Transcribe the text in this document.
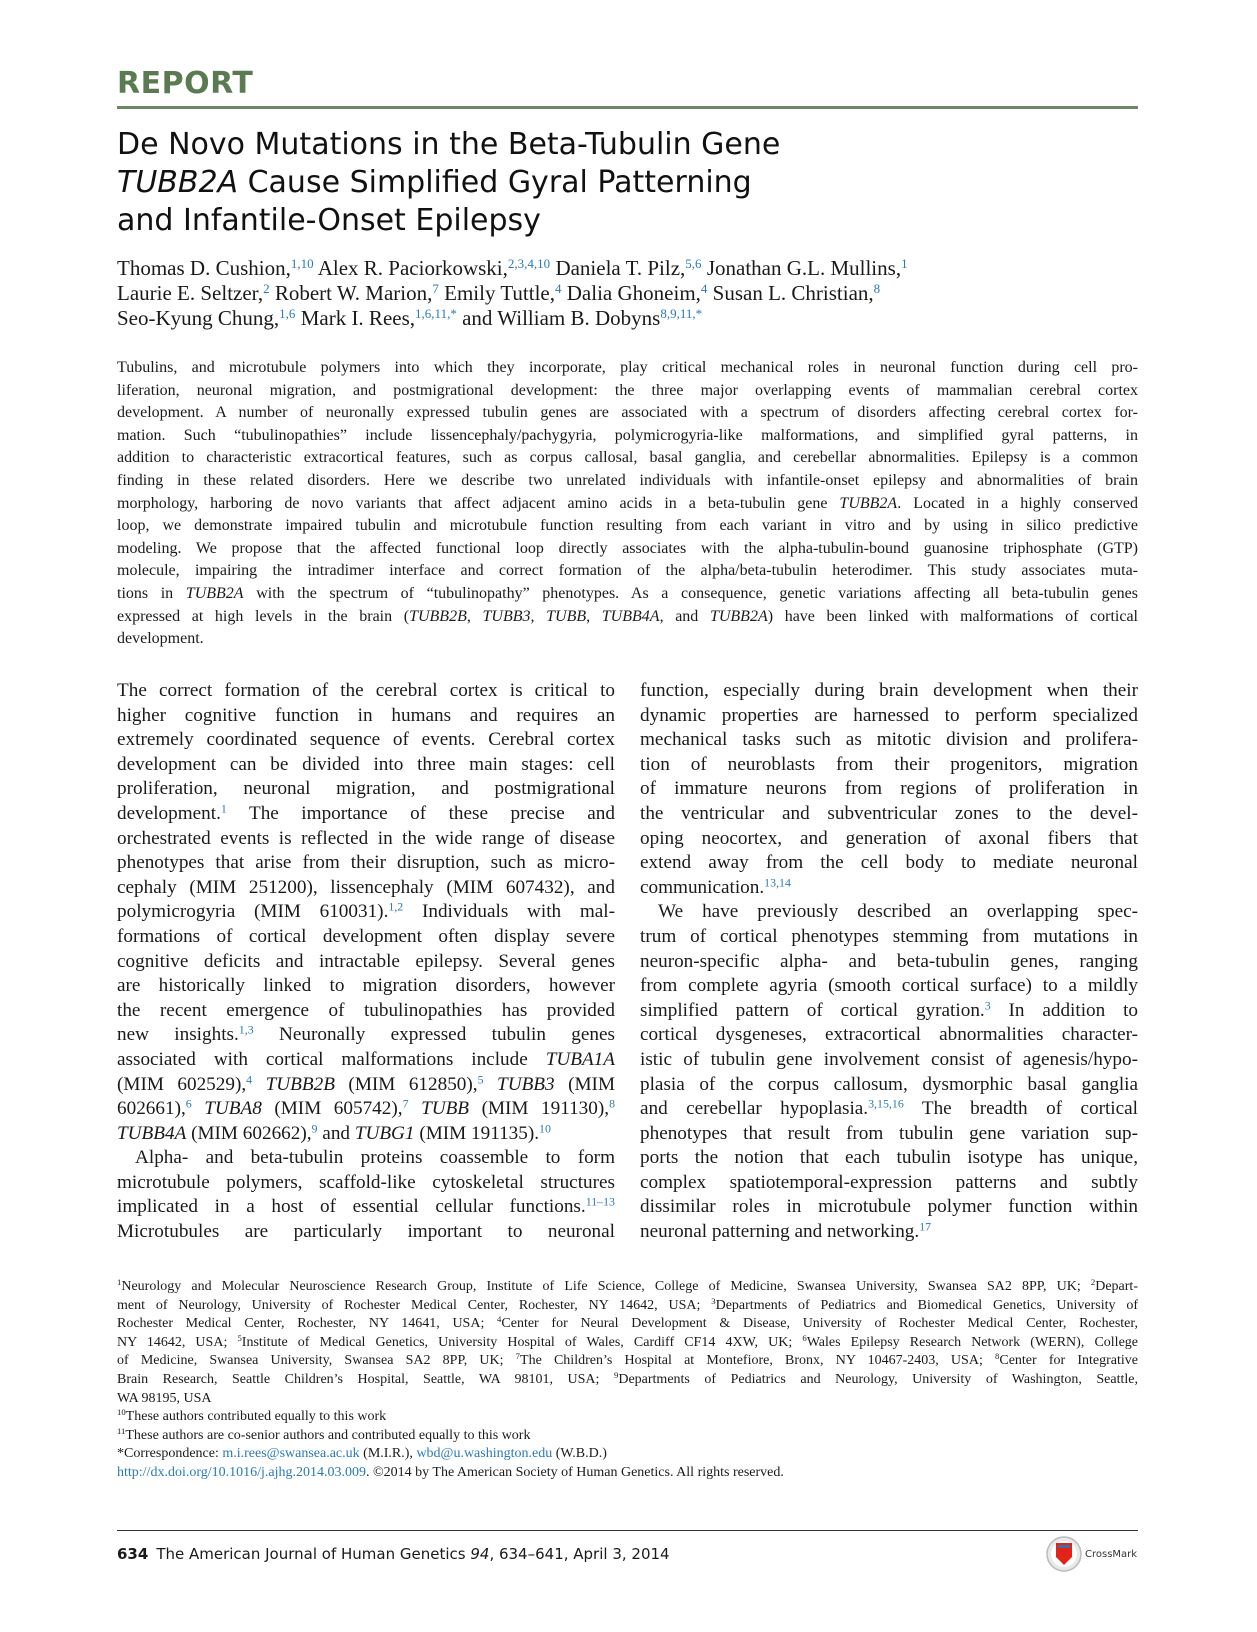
REPORT
De Novo Mutations in the Beta-Tubulin Gene
TUBB2A Cause Simplified Gyral Patterning
and Infantile-Onset Epilepsy
Thomas D. Cushion,$^{1,10}$ Alex R. Paciorkowski,$^{2,3,4,10}$ Daniela T. Pilz,$^{5,6}$ Jonathan G.L. Mullins,$^1$
Laurie E. Seltzer,$^2$ Robert W. Marion,$^7$ Emily Tuttle,$^4$ Dalia Ghoneim,$^4$ Susan L. Christian,$^8$
Seo-Kyung Chung,$^{1,6}$ Mark I. Rees,$^{1,6,11,*}$ and William B. Dobyns$^{8,9,11,*}$
Tubulins, and microtubule polymers into which they incorporate, play critical mechanical roles in neuronal function during cell pro-
liferation, neuronal migration, and postmigrational development: the three major overlapping events of mammalian cerebral cortex
development. A number of neuronally expressed tubulin genes are associated with a spectrum of disorders affecting cerebral cortex for-
mation. Such “tubulinopathies” include lissencephaly/pachygyria, polymicrogyria-like malformations, and simplified gyral patterns, in
addition to characteristic extracortical features, such as corpus callosal, basal ganglia, and cerebellar abnormalities. Epilepsy is a common
finding in these related disorders. Here we describe two unrelated individuals with infantile-onset epilepsy and abnormalities of brain
morphology, harboring de novo variants that affect adjacent amino acids in a beta-tubulin gene TUBB2A. Located in a highly conserved
loop, we demonstrate impaired tubulin and microtubule function resulting from each variant in vitro and by using in silico predictive
modeling. We propose that the affected functional loop directly associates with the alpha-tubulin-bound guanosine triphosphate (GTP)
molecule, impairing the intradimer interface and correct formation of the alpha/beta-tubulin heterodimer. This study associates muta-
tions in TUBB2A with the spectrum of “tubulinopathy” phenotypes. As a consequence, genetic variations affecting all beta-tubulin genes
expressed at high levels in the brain (TUBB2B, TUBB3, TUBB, TUBB4A, and TUBB2A) have been linked with malformations of cortical
development.
The correct formation of the cerebral cortex is critical to
higher cognitive function in humans and requires an
extremely coordinated sequence of events. Cerebral cortex
development can be divided into three main stages: cell
proliferation, neuronal migration, and postmigrational
development.$^1$ The importance of these precise and
orchestrated events is reflected in the wide range of disease
phenotypes that arise from their disruption, such as micro-
cephaly (MIM 251200), lissencephaly (MIM 607432), and
polymicrogyria (MIM 610031).$^{1,2}$ Individuals with mal-
formations of cortical development often display severe
cognitive deficits and intractable epilepsy. Several genes
are historically linked to migration disorders, however
the recent emergence of tubulinopathies has provided
new insights.$^{1,3}$ Neuronally expressed tubulin genes
associated with cortical malformations include TUBA1A
(MIM 602529),$^4$ TUBB2B (MIM 612850),$^5$ TUBB3 (MIM
602661),$^6$ TUBA8 (MIM 605742),$^7$ TUBB (MIM 191130),$^8$
TUBB4A (MIM 602662),$^9$ and TUBG1 (MIM 191135).$^{10}$
Alpha- and beta-tubulin proteins coassemble to form
microtubule polymers, scaffold-like cytoskeletal structures
implicated in a host of essential cellular functions.$^{11-13}$
Microtubules are particularly important to neuronal
function, especially during brain development when their
dynamic properties are harnessed to perform specialized
mechanical tasks such as mitotic division and prolifera-
tion of neuroblasts from their progenitors, migration
of immature neurons from regions of proliferation in
the ventricular and subventricular zones to the devel-
oping neocortex, and generation of axonal fibers that
extend away from the cell body to mediate neuronal
communication.$^{13,14}$
We have previously described an overlapping spec-
trum of cortical phenotypes stemming from mutations in
neuron-specific alpha- and beta-tubulin genes, ranging
from complete agyria (smooth cortical surface) to a mildly
simplified pattern of cortical gyration.$^3$ In addition to
cortical dysgeneses, extracortical abnormalities character-
istic of tubulin gene involvement consist of agenesis/hypo-
plasia of the corpus callosum, dysmorphic basal ganglia
and cerebellar hypoplasia.$^{3,15,16}$ The breadth of cortical
phenotypes that result from tubulin gene variation sup-
ports the notion that each tubulin isotype has unique,
complex spatiotemporal-expression patterns and subtly
dissimilar roles in microtubule polymer function within
neuronal patterning and networking.$^{17}$
$^1$Neurology and Molecular Neuroscience Research Group, Institute of Life Science, College of Medicine, Swansea University, Swansea SA2 8PP, UK; $^2$Depart-
ment of Neurology, University of Rochester Medical Center, Rochester, NY 14642, USA; $^3$Departments of Pediatrics and Biomedical Genetics, University of
Rochester Medical Center, Rochester, NY 14641, USA; $^4$Center for Neural Development & Disease, University of Rochester Medical Center, Rochester,
NY 14642, USA; $^5$Institute of Medical Genetics, University Hospital of Wales, Cardiff CF14 4XW, UK; $^6$Wales Epilepsy Research Network (WERN), College
of Medicine, Swansea University, Swansea SA2 8PP, UK; $^7$The Children’s Hospital at Montefiore, Bronx, NY 10467-2403, USA; $^8$Center for Integrative
Brain Research, Seattle Children’s Hospital, Seattle, WA 98101, USA; $^9$Departments of Pediatrics and Neurology, University of Washington, Seattle,
WA 98195, USA
$^{10}$These authors contributed equally to this work
$^{11}$These authors are co-senior authors and contributed equally to this work
*Correspondence: m.i.rees@swansea.ac.uk (M.I.R.), wbd@u.washington.edu (W.B.D.)
http://dx.doi.org/10.1016/j.ajhg.2014.03.009. ©2014 by The American Society of Human Genetics. All rights reserved.
634 The American Journal of Human Genetics 94, 634–641, April 3, 2014	CrossMark
